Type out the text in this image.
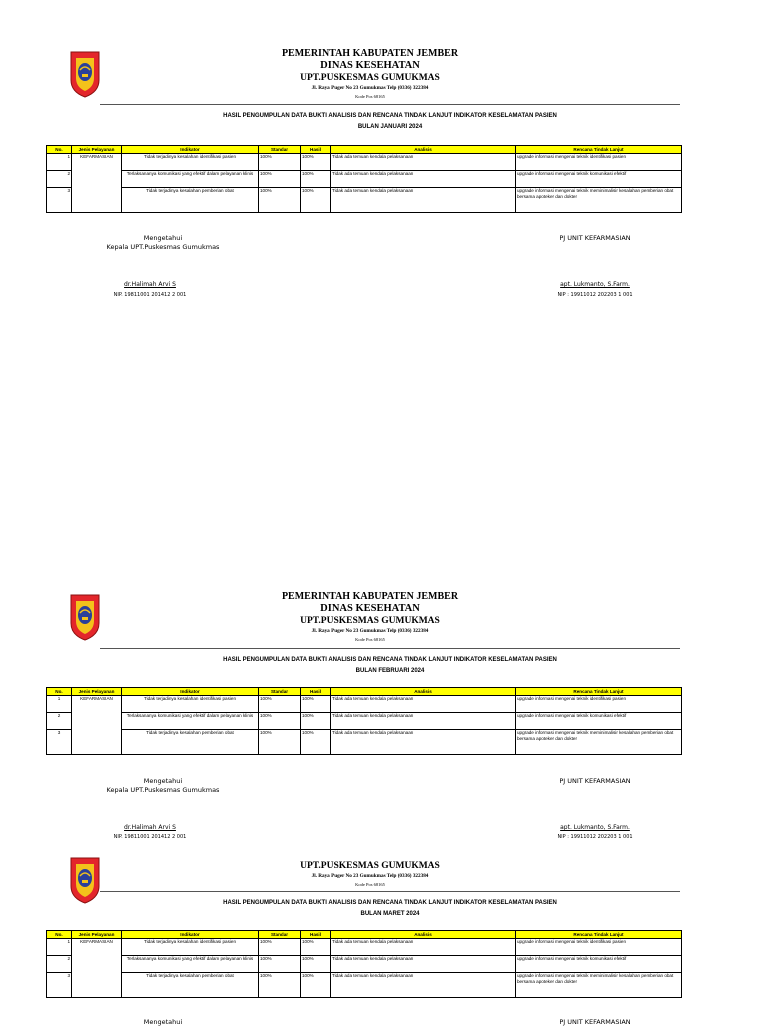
PEMERINTAH KABUPATEN JEMBER
DINAS KESEHATAN
UPT.PUSKESMAS GUMUKMAS
Jl. Raya Puger No 23 Gumukmas Telp (0336) 322384
Kode Pos 68165
HASIL PENGUMPULAN DATA BUKTI ANALISIS DAN RENCANA TINDAK LANJUT INDIKATOR KESELAMATAN PASIEN
BULAN JANUARI 2024
No.	Jenis Pelayanan	Indikator	Standar	Hasil	Analisis	Rencana Tindak Lanjut
1	KEFARMASIAN	Tidak terjadinya kesalahan identifikasi pasien	100%	100%	Tidak ada temuan kendala pelaksanaan	upgrade informasi mengenai teknik identifikasi pasien
2		Terlaksananya komunikasi yang efektif dalam pelayanan klinis	100%	100%	Tidak ada temuan kendala pelaksanaan	upgrade informasi mengenai teknik komunikasi efektif
3		Tidak terjadinya kesalahan pemberian obat	100%	100%	Tidak ada temuan kendala pelaksanaan	upgrade informasi mengenai teknik meminimalisir kesalahan pemberian obat bersama apoteker dan dokter
Mengetahui
Kepala UPT.Puskesmas Gumukmas
PJ UNIT KEFARMASIAN
dr.Halimah Arvi S
NIP. 19811001 201412 2 001
apt. Lukmanto, S.Farm.
NIP : 19911012 202203 1 001
PEMERINTAH KABUPATEN JEMBER
DINAS KESEHATAN
UPT.PUSKESMAS GUMUKMAS
Jl. Raya Puger No 23 Gumukmas Telp (0336) 322384
Kode Pos 68165
HASIL PENGUMPULAN DATA BUKTI ANALISIS DAN RENCANA TINDAK LANJUT INDIKATOR KESELAMATAN PASIEN
BULAN FEBRUARI 2024
No.	Jenis Pelayanan	Indikator	Standar	Hasil	Analisis	Rencana Tindak Lanjut
1	KEFARMASIAN	Tidak terjadinya kesalahan identifikasi pasien	100%	100%	Tidak ada temuan kendala pelaksanaan	upgrade informasi mengenai teknik identifikasi pasien
2		Terlaksananya komunikasi yang efektif dalam pelayanan klinis	100%	100%	Tidak ada temuan kendala pelaksanaan	upgrade informasi mengenai teknik komunikasi efektif
3		Tidak terjadinya kesalahan pemberian obat	100%	100%	Tidak ada temuan kendala pelaksanaan	upgrade informasi mengenai teknik meminimalisir kesalahan pemberian obat bersama apoteker dan dokter
Mengetahui
Kepala UPT.Puskesmas Gumukmas
PJ UNIT KEFARMASIAN
dr.Halimah Arvi S
NIP. 19811001 201412 2 001
apt. Lukmanto, S.Farm.
NIP : 19911012 202203 1 001
UPT.PUSKESMAS GUMUKMAS
Jl. Raya Puger No 23 Gumukmas Telp (0336) 322384
Kode Pos 68165
HASIL PENGUMPULAN DATA BUKTI ANALISIS DAN RENCANA TINDAK LANJUT INDIKATOR KESELAMATAN PASIEN
BULAN MARET 2024
No.	Jenis Pelayanan	Indikator	Standar	Hasil	Analisis	Rencana Tindak Lanjut
1	KEFARMASIAN	Tidak terjadinya kesalahan identifikasi pasien	100%	100%	Tidak ada temuan kendala pelaksanaan	upgrade informasi mengenai teknik identifikasi pasien
2		Terlaksananya komunikasi yang efektif dalam pelayanan klinis	100%	100%	Tidak ada temuan kendala pelaksanaan	upgrade informasi mengenai teknik komunikasi efektif
3		Tidak terjadinya kesalahan pemberian obat	100%	100%	Tidak ada temuan kendala pelaksanaan	upgrade informasi mengenai teknik meminimalisir kesalahan pemberian obat bersama apoteker dan dokter
Mengetahui	PJ UNIT KEFARMASIAN
